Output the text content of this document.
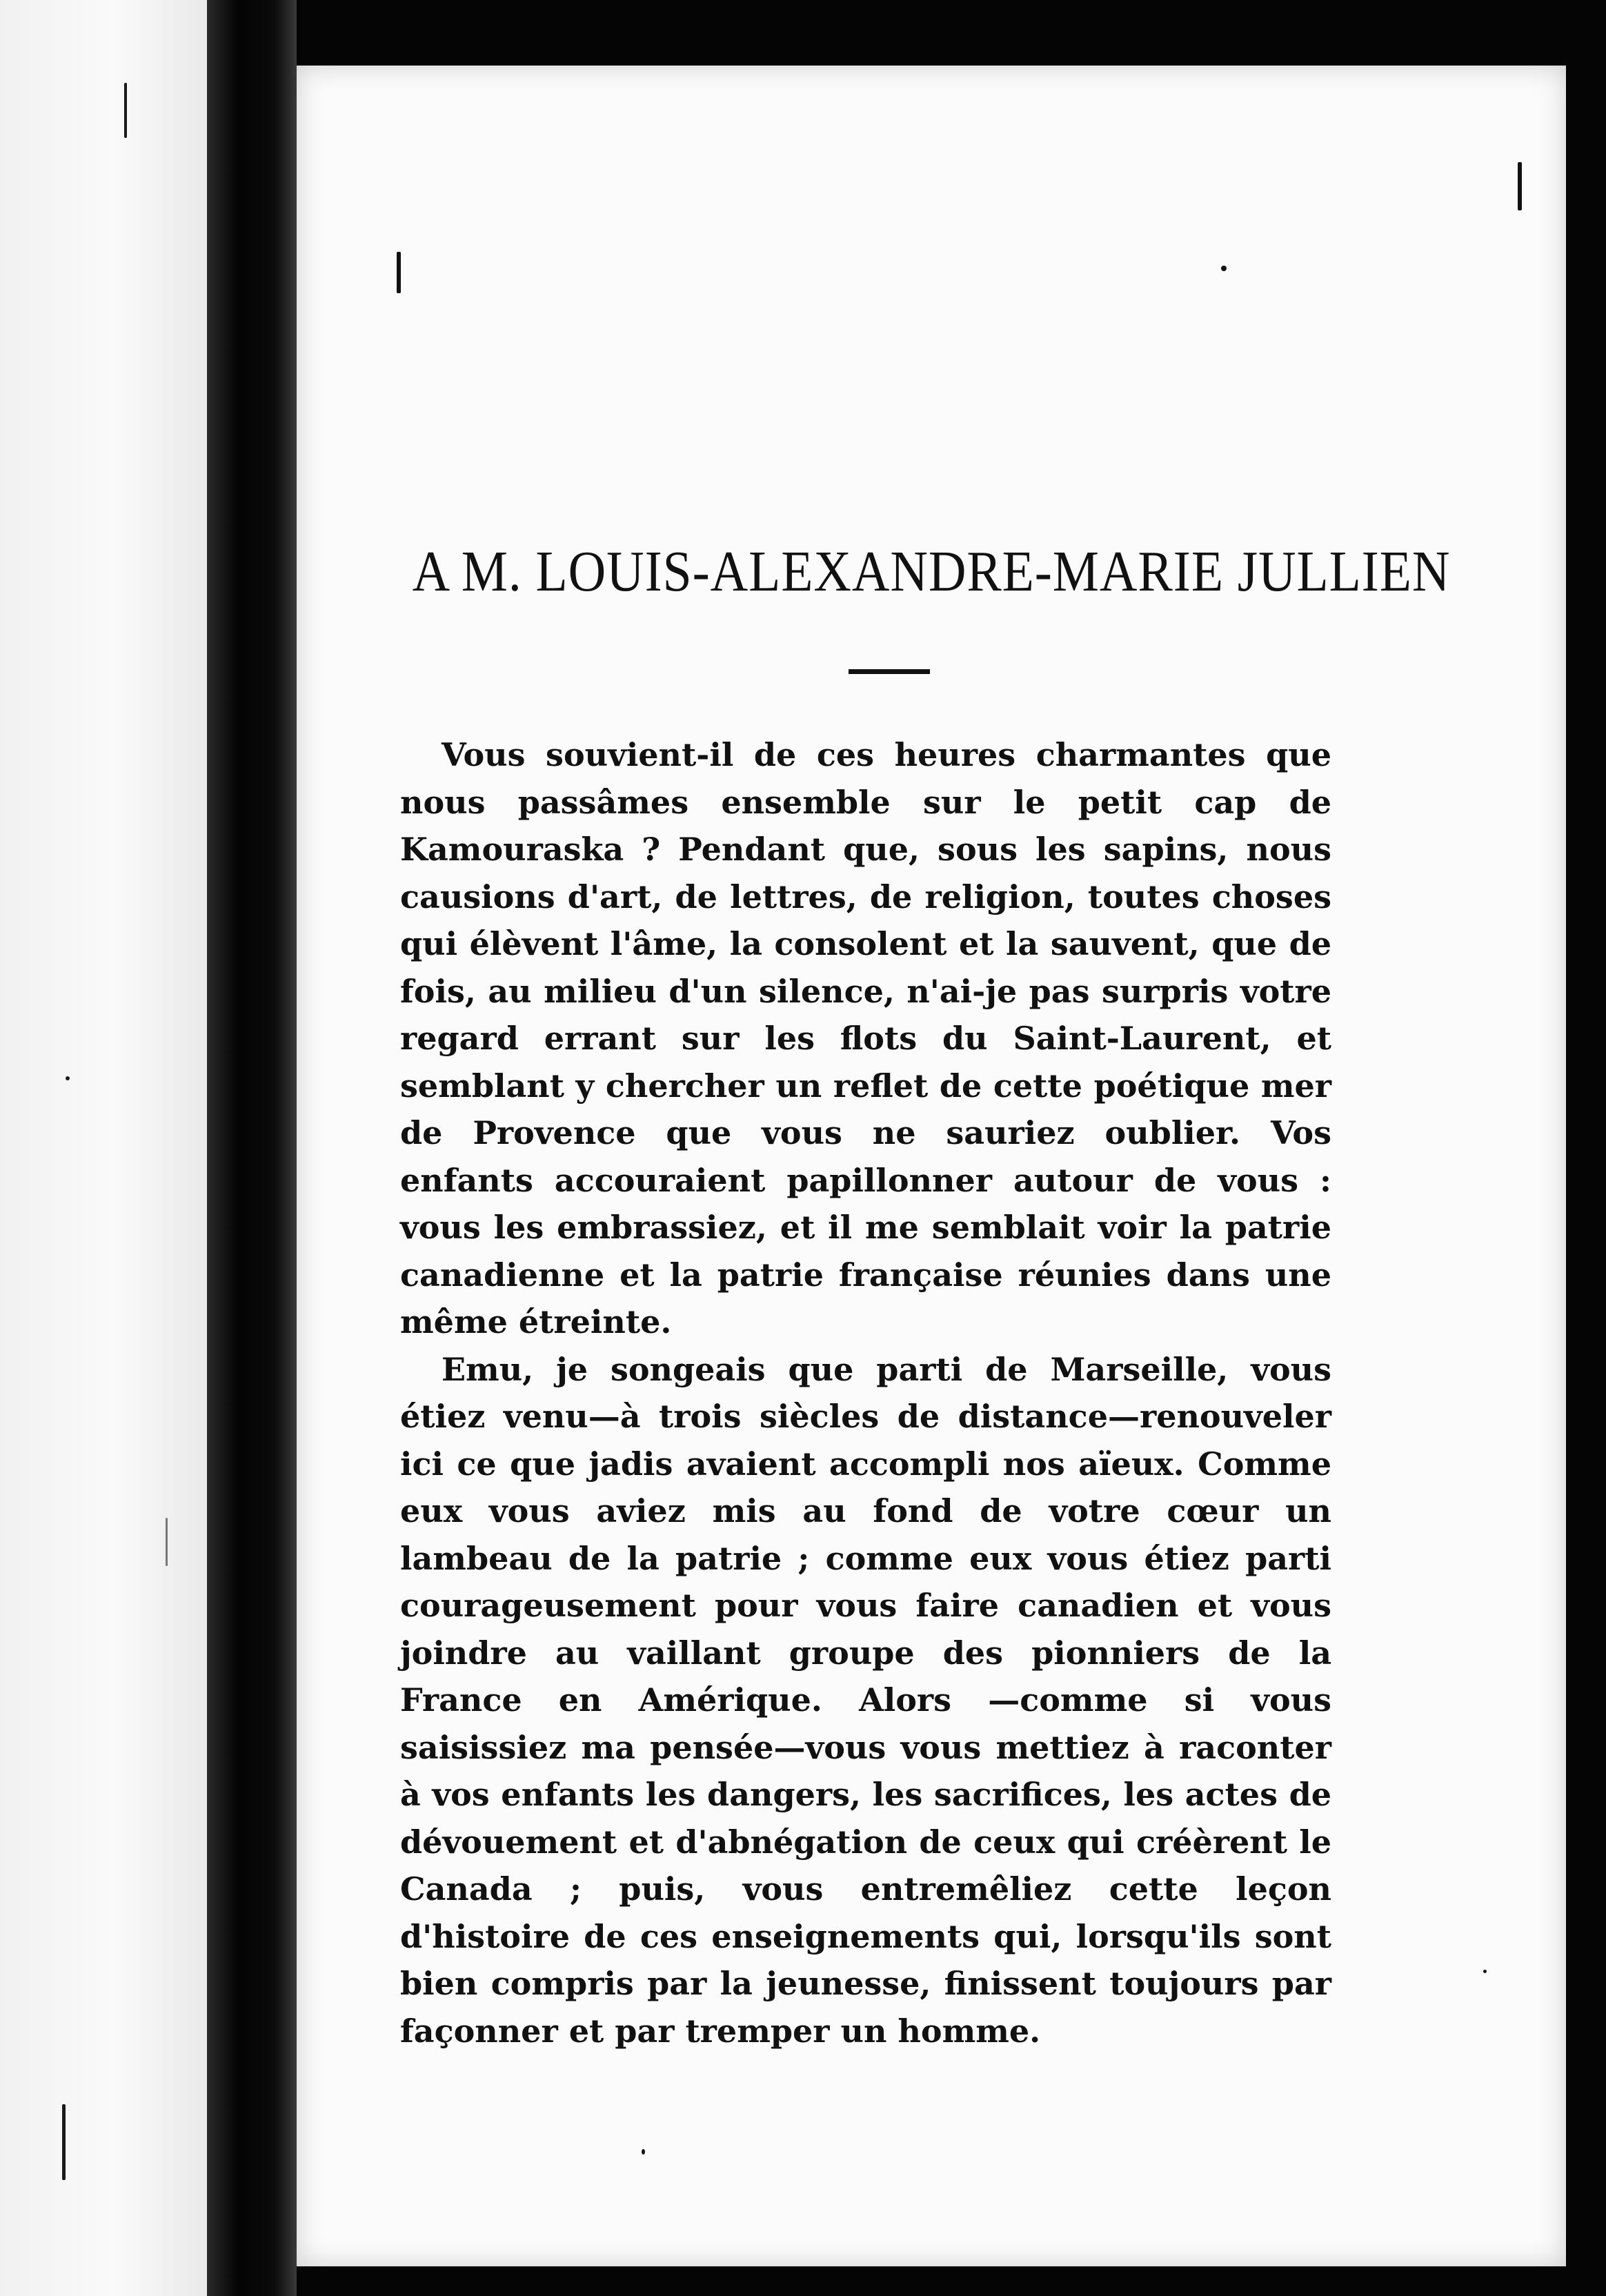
A M. LOUIS-ALEXANDRE-MARIE JULLIEN

Vous souvient-il de ces heures charmantes que nous passâmes ensemble sur le petit cap de Kamouraska ? Pendant que, sous les sapins, nous causions d'art, de lettres, de religion, toutes choses qui élèvent l'âme, la consolent et la sauvent, que de fois, au milieu d'un silence, n'ai-je pas surpris votre regard errant sur les flots du Saint-Laurent, et semblant y chercher un reflet de cette poétique mer de Provence que vous ne sauriez oublier. Vos enfants accouraient papillonner autour de vous : vous les embrassiez, et il me semblait voir la patrie canadienne et la patrie française réunies dans une même étreinte.

Emu, je songeais que parti de Marseille, vous étiez venu—à trois siècles de distance—renouveler ici ce que jadis avaient accompli nos aïeux. Comme eux vous aviez mis au fond de votre cœur un lambeau de la patrie ; comme eux vous étiez parti courageusement pour vous faire canadien et vous joindre au vaillant groupe des pionniers de la France en Amérique. Alors —comme si vous saisissiez ma pensée—vous vous mettiez à raconter à vos enfants les dangers, les sacrifices, les actes de dévouement et d'abnégation de ceux qui créèrent le Canada ; puis, vous entremêliez cette leçon d'histoire de ces enseignements qui, lorsqu'ils sont bien compris par la jeunesse, finissent toujours par façonner et par tremper un homme.
